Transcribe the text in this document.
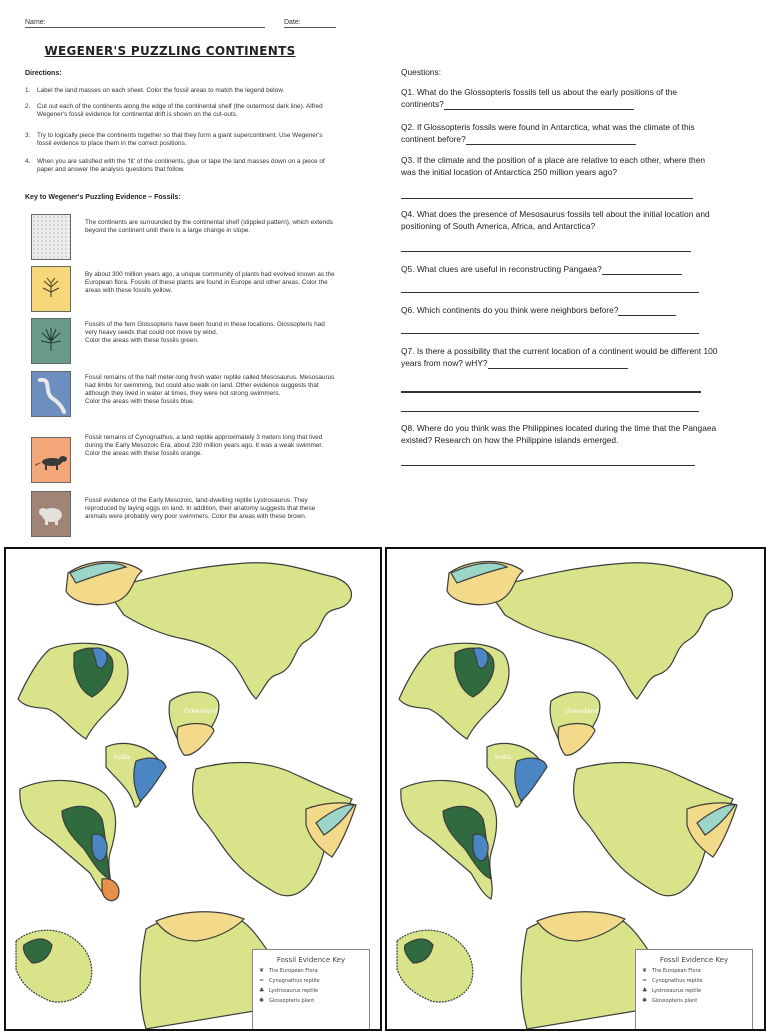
Name:	Date:
WEGENER'S PUZZLING CONTINENTS
Directions:
1.	Label the land masses on each sheet. Color the fossil areas to match the legend below.
2.	Cut out each of the continents along the edge of the continental shelf (the outermost dark line). Alfred Wegener's fossil evidence for continental drift is shown on the cut-outs.
3.	Try to logically piece the continents together so that they form a giant supercontinent. Use Wegener's fossil evidence to place them in the correct positions.
4.	When you are satisfied with the 'fit' of the continents, glue or tape the land masses down on a piece of paper and answer the analysis questions that follow.
Key to Wegener's Puzzling Evidence – Fossils:
The continents are surrounded by the continental shelf (stippled pattern), which extends beyond the continent until there is a large change in slope.
By about 300 million years ago, a unique community of plants had evolved known as the European flora. Fossils of these plants are found in Europe and other areas. Color the areas with these fossils yellow.
Fossils of the fern Glossopteris have been found in these locations. Glossopteris had very heavy seeds that could not move by wind.
Color the areas with these fossils green.
Fossil remains of the half meter-long fresh water reptile called Mesosaurus. Mesosaurus had limbs for swimming, but could also walk on land. Other evidence suggests that although they lived in water at times, they were not strong swimmers.
Color the areas with these fossils blue.
Fossil remains of Cynognathus, a land reptile approximately 3 meters long that lived during the Early Mesozoic Era, about 230 million years ago. It was a weak swimmer.
Color the areas with these fossils orange.
Fossil evidence of the Early Mesozoic, land-dwelling reptile Lystrosaurus. They reproduced by laying eggs on land. In addition, their anatomy suggests that these animals were probably very poor swimmers. Color the areas with these brown.
Questions:
Q1. What do the Glossopteris fossils tell us about the early positions of the continents?
Q2. If Glossopteris fossils were found in Antarctica, what was the climate of this continent before?
Q3. If the climate and the position of a place are relative to each other, where then was the initial location of Antarctica 250 million years ago?
Q4. What does the presence of Mesosaurus fossils tell about the initial location and positioning of South America, Africa, and Antarctica?
Q5. What clues are useful in reconstructing Pangaea?
Q6. Which continents do you think were neighbors before?
Q7. Is there a possibility that the current location of a continent would be different 100 years from now? wHY?
Q8. Where do you think was the Philippines located during the time that the Pangaea existed? Research on how the Philippine islands emerged.
Greenland
India
Fossil Evidence Key
❦ The European Flora
≈ Cynognathus reptile
♣ Lystrosaurus reptile
✱ Glossopteris plant
Greenland
India
Fossil Evidence Key
❦ The European Flora
≈ Cynognathus reptile
♣ Lystrosaurus reptile
✱ Glossopteris plant
